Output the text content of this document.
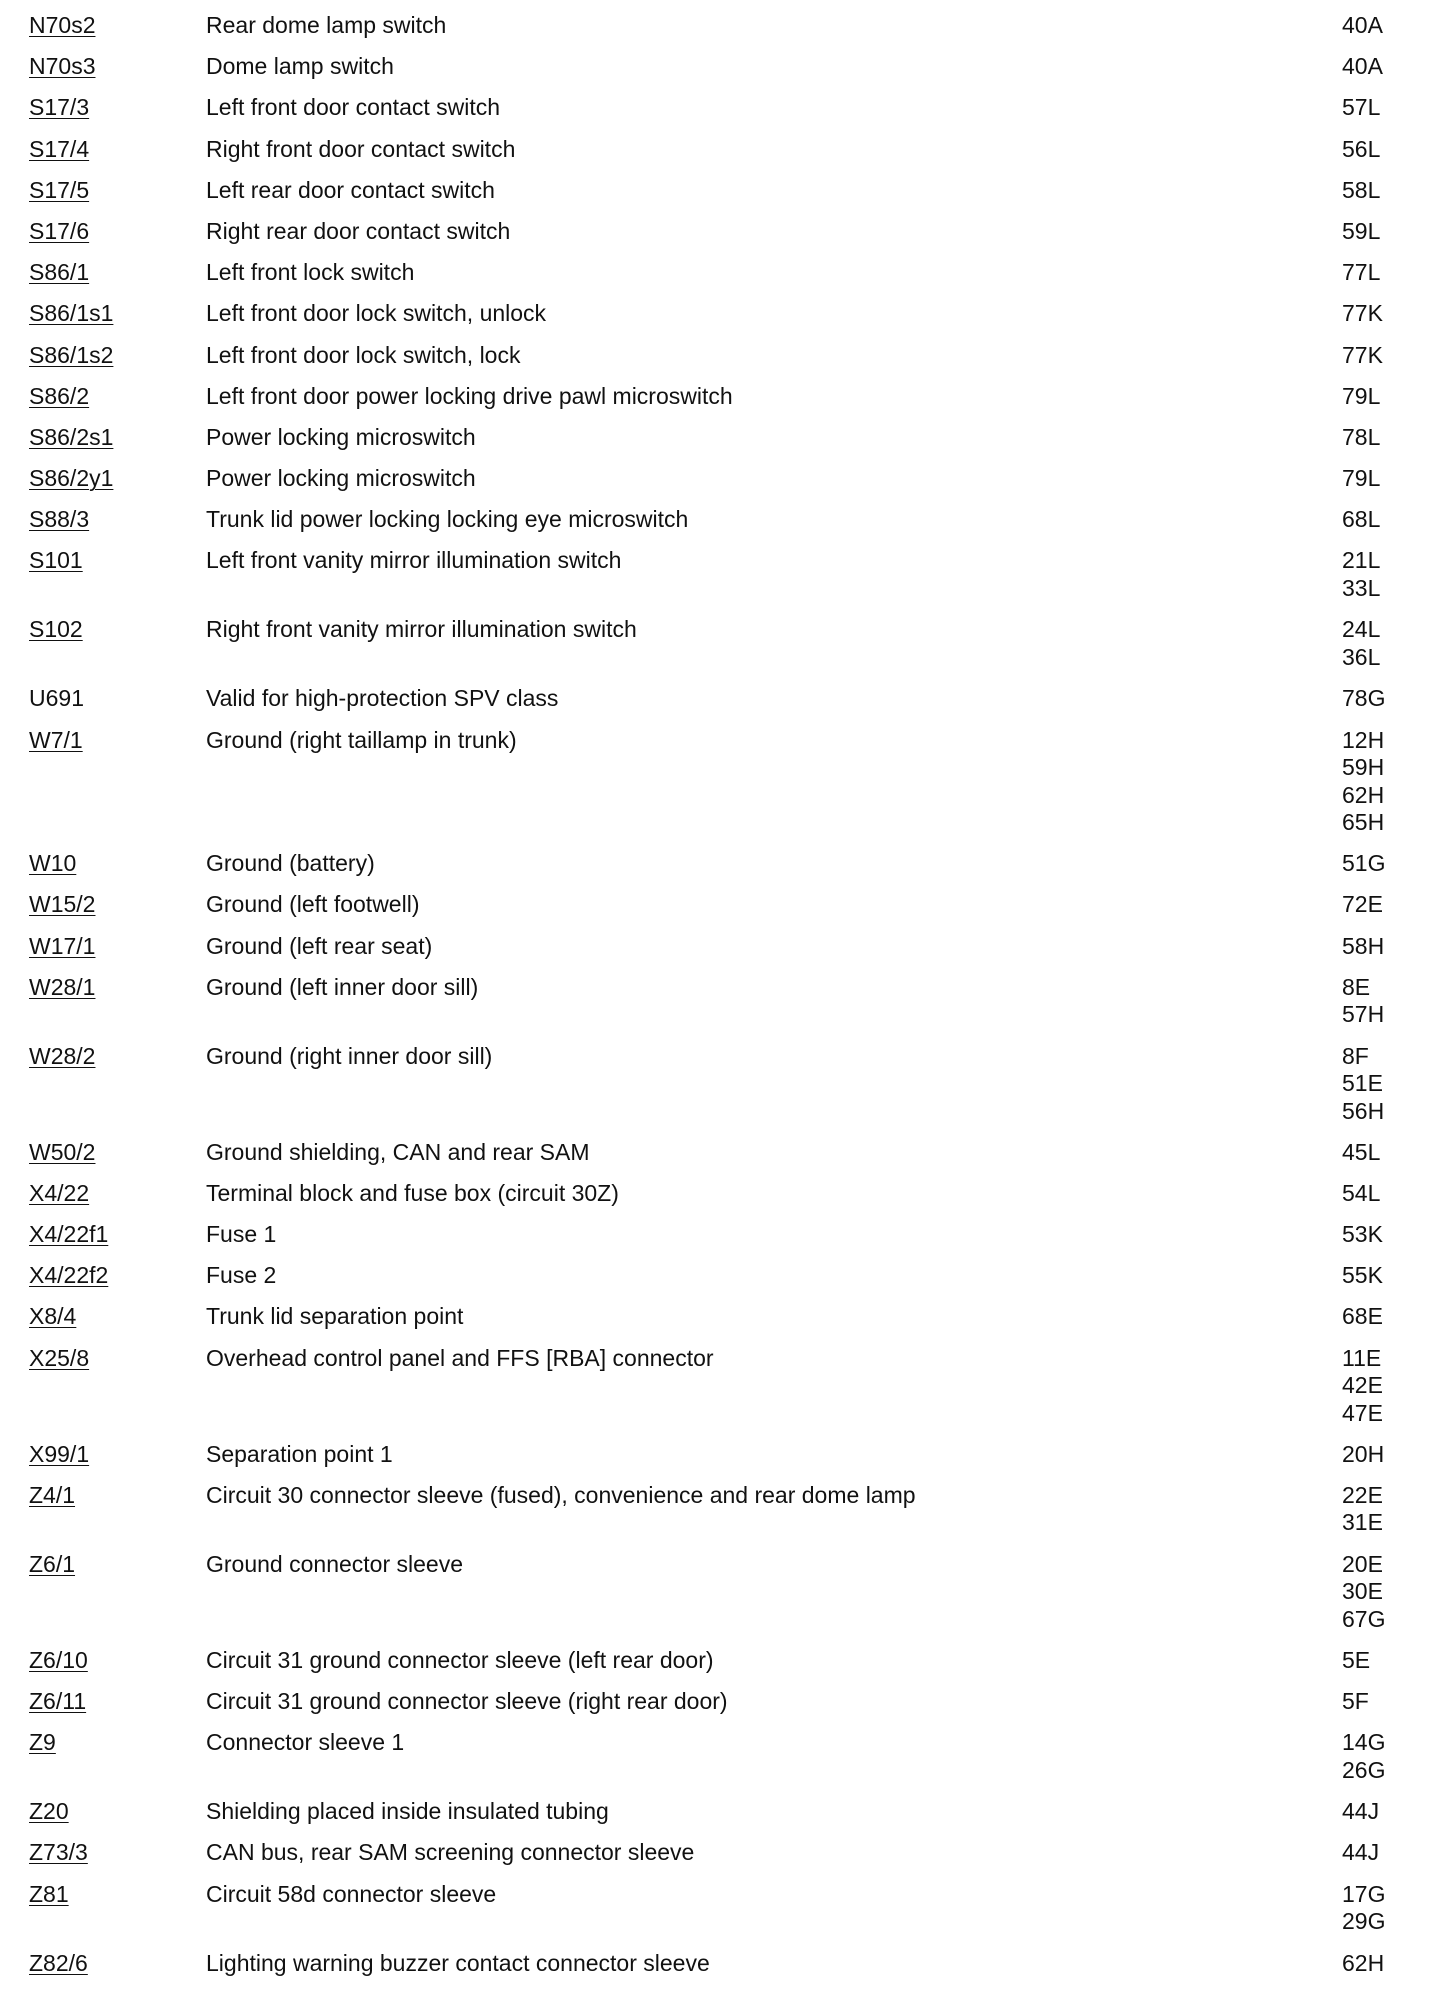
N70s2	Rear dome lamp switch	40A
N70s3	Dome lamp switch	40A
S17/3	Left front door contact switch	57L
S17/4	Right front door contact switch	56L
S17/5	Left rear door contact switch	58L
S17/6	Right rear door contact switch	59L
S86/1	Left front lock switch	77L
S86/1s1	Left front door lock switch, unlock	77K
S86/1s2	Left front door lock switch, lock	77K
S86/2	Left front door power locking drive pawl microswitch	79L
S86/2s1	Power locking microswitch	78L
S86/2y1	Power locking microswitch	79L
S88/3	Trunk lid power locking locking eye microswitch	68L
S101	Left front vanity mirror illumination switch	21L
33L
S102	Right front vanity mirror illumination switch	24L
36L
U691	Valid for high-protection SPV class	78G
W7/1	Ground (right taillamp in trunk)	12H
59H
62H
65H
W10	Ground (battery)	51G
W15/2	Ground (left footwell)	72E
W17/1	Ground (left rear seat)	58H
W28/1	Ground (left inner door sill)	8E
57H
W28/2	Ground (right inner door sill)	8F
51E
56H
W50/2	Ground shielding, CAN and rear SAM	45L
X4/22	Terminal block and fuse box (circuit 30Z)	54L
X4/22f1	Fuse 1	53K
X4/22f2	Fuse 2	55K
X8/4	Trunk lid separation point	68E
X25/8	Overhead control panel and FFS [RBA] connector	11E
42E
47E
X99/1	Separation point 1	20H
Z4/1	Circuit 30 connector sleeve (fused), convenience and rear dome lamp	22E
31E
Z6/1	Ground connector sleeve	20E
30E
67G
Z6/10	Circuit 31 ground connector sleeve (left rear door)	5E
Z6/11	Circuit 31 ground connector sleeve (right rear door)	5F
Z9	Connector sleeve 1	14G
26G
Z20	Shielding placed inside insulated tubing	44J
Z73/3	CAN bus, rear SAM screening connector sleeve	44J
Z81	Circuit 58d connector sleeve	17G
29G
Z82/6	Lighting warning buzzer contact connector sleeve	62H
